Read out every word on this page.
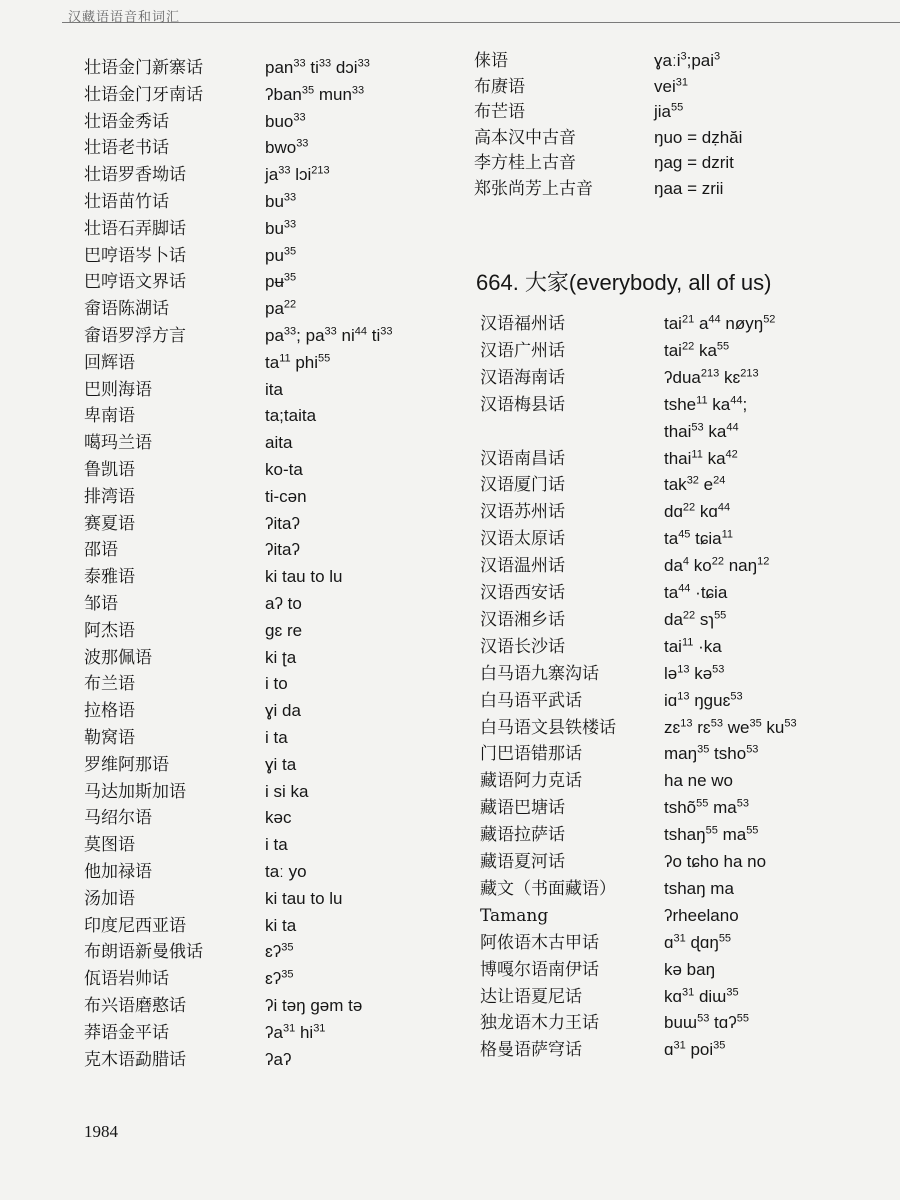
汉藏语语音和词汇
壮语金门新寨话	pan$^{33}$ $ti^{33}$ dɔi$^{33}$
壮语金门牙南话	ʔban$^{35}$ mun$^{33}$
壮语金秀话	buo$^{33}$
壮语老书话	bwo$^{33}$
壮语罗香坳话	$ja^{33}$ lɔi$^{213}$
壮语苗竹话	$bu^{33}$
壮语石弄脚话	$bu^{33}$
巴哼语岑卜话	$pu^{35}$
巴哼语文界话	pʉ$^{35}$
畲语陈湖话	$pa^{22}$
畲语罗浮方言	$pa^{33}$; $pa^{33}$ $ni^{44}$ $ti^{33}$
回辉语	$ta^{11}$ phi$^{55}$
巴则海语	ita
卑南语	ta;taita
噶玛兰语	aita
鲁凯语	ko-ta
排湾语	ti-cən
赛夏语	ʔitaʔ
邵语	ʔitaʔ
泰雅语	ki tau to lu
邹语	aʔ to
阿杰语	gɛ re
波那佩语	ki ʈa
布兰语	i to
拉格语	ɣi da
勒窝语	i ta
罗维阿那语	ɣi ta
马达加斯加语	i si ka
马绍尔语	kəc
莫图语	i ta
他加禄语	taː yo
汤加语	ki tau to lu
印度尼西亚语	ki ta
布朗语新曼俄话	ɛʔ$^{35}$
佤语岩帅话	ɛʔ$^{35}$
布兴语磨憨话	ʔi təŋ gəm tə
莽语金平话	ʔa$^{31}$ $hi^{31}$
克木语勐腊话	ʔaʔ
俫语	ɣaːi$^3$;pai$^3$
布赓语	vei$^{31}$
布芒语	jia$^{55}$
高本汉中古音	ŋuo = dẓhăi
李方桂上古音	ŋag = dzrit
郑张尚芳上古音	ŋaa = zrii
664. 大家(everybody, all of us)
汉语福州话	tai$^{21}$ $a^{44}$ nøyŋ$^{52}$
汉语广州话	tai$^{22}$ $ka^{55}$
汉语海南话	ʔdua$^{213}$ kɛ$^{213}$
汉语梅县话	tshe$^{11}$ $ka^{44}$;
thai$^{53}$ $ka^{44}$
汉语南昌话	thai$^{11}$ $ka^{42}$
汉语厦门话	tak$^{32}$ $e^{24}$
汉语苏州话	dɑ$^{22}$ kɑ$^{44}$
汉语太原话	$ta^{45}$ tɕia$^{11}$
汉语温州话	$da^4$ $ko^{22}$ naŋ$^{12}$
汉语西安话	$ta^{44}$ ·tɕia
汉语湘乡话	$da^{22}$ sɿ$^{55}$
汉语长沙话	tai$^{11}$ ·ka
白马语九寨沟话	lə$^{13}$ kə$^{53}$
白马语平武话	iɑ$^{13}$ ŋguɛ$^{53}$
白马语文县铁楼话	zɛ$^{13}$ rɛ$^{53}$ $we^{35}$ $ku^{53}$
门巴语错那话	maŋ$^{35}$ tsho$^{53}$
藏语阿力克话	ha ne wo
藏语巴塘话	tshõ$^{55}$ $ma^{53}$
藏语拉萨话	tshaŋ$^{55}$ $ma^{55}$
藏语夏河话	ʔo tɕho ha no
藏文（书面藏语）	tshaŋ ma
Tamang	ʔrheelano
阿侬语木古甲话	ɑ$^{31}$ ɖɑŋ$^{55}$
博嘎尔语南伊话	kə baŋ
达让语夏尼话	kɑ$^{31}$ diɯ$^{35}$
独龙语木力王话	buɯ$^{53}$ tɑʔ$^{55}$
格曼语萨穹话	ɑ$^{31}$ poi$^{35}$
1984
